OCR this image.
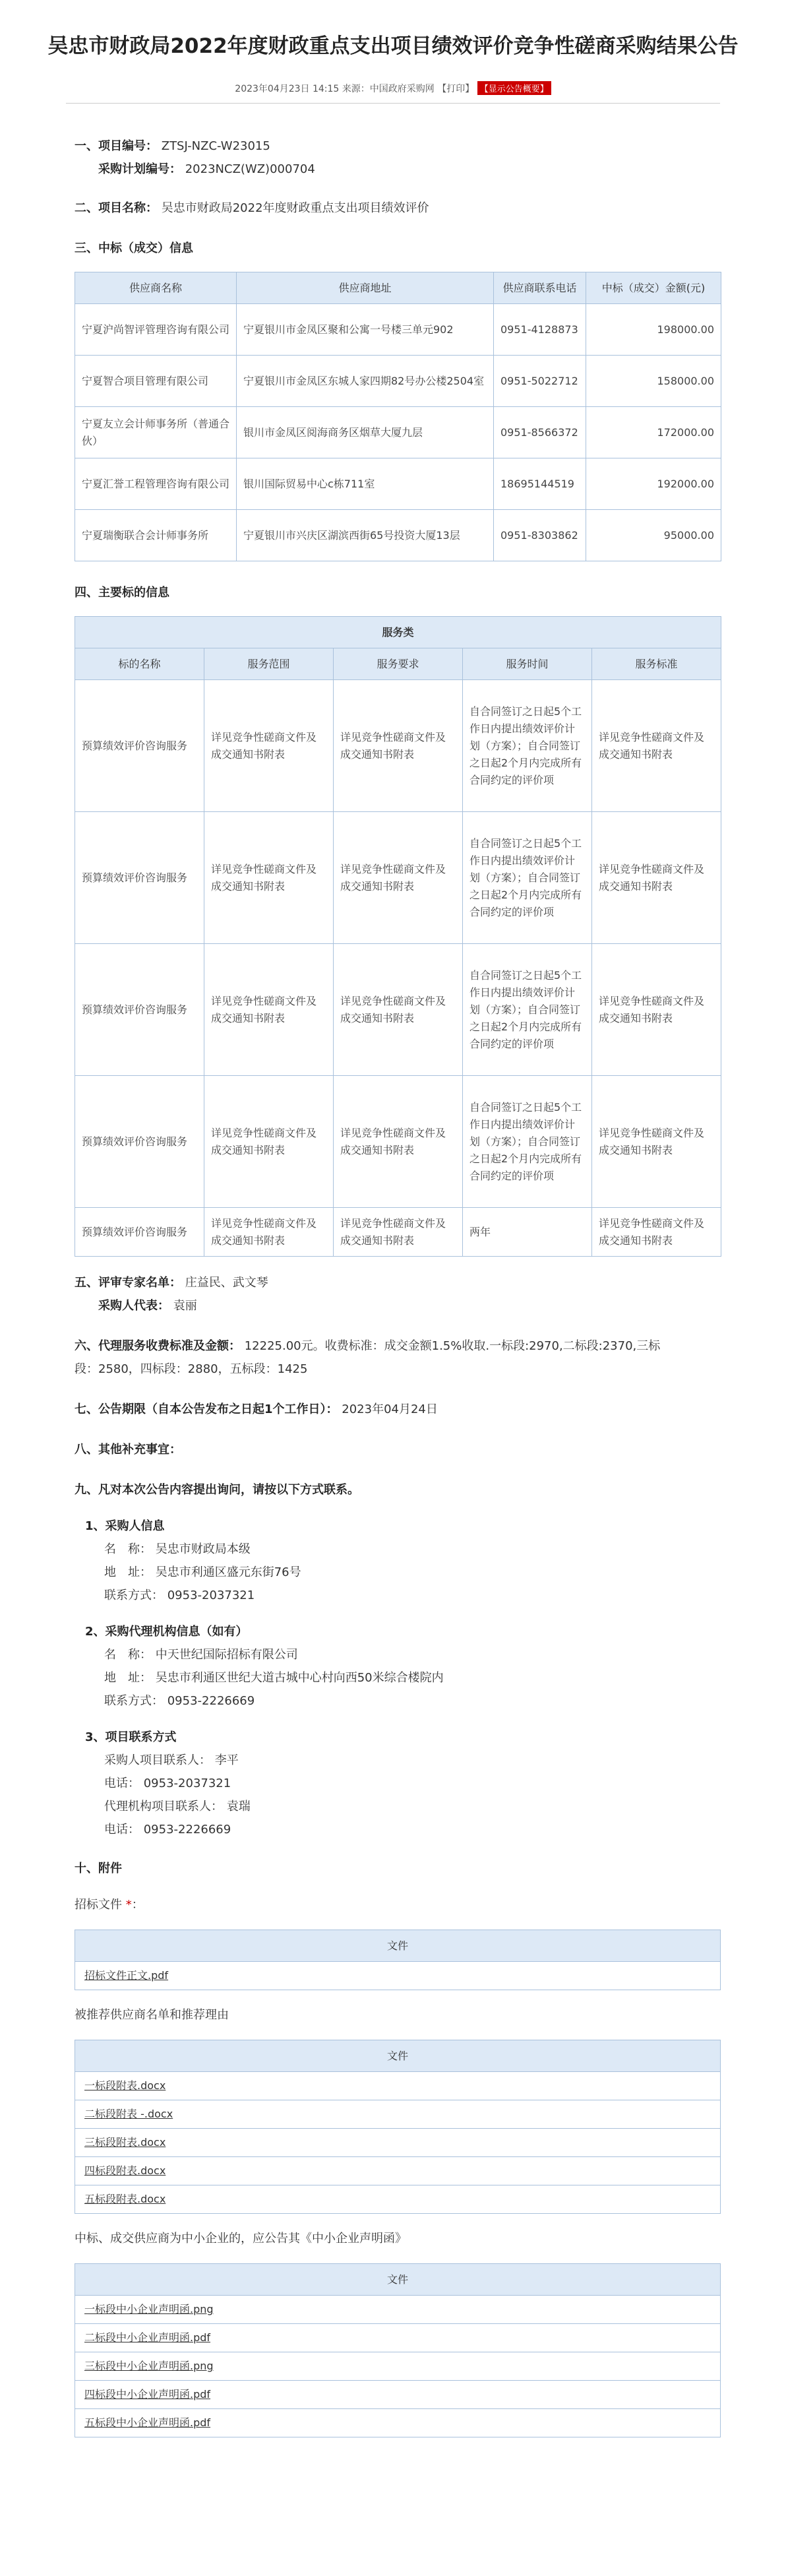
吴忠市财政局2022年度财政重点支出项目绩效评价竞争性磋商采购结果公告
2023年04月23日 14:15 来源：中国政府采购网 【打印】 【显示公告概要】
一、项目编号： ZTSJ-NZC-W23015
采购计划编号： 2023NCZ(WZ)000704
二、项目名称： 吴忠市财政局2022年度财政重点支出项目绩效评价
三、中标（成交）信息
供应商名称	供应商地址	供应商联系电话	中标（成交）金额(元)
宁夏沪尚智评管理咨询有限公司	宁夏银川市金凤区聚和公寓一号楼三单元902	0951-4128873	198000.00
宁夏智合项目管理有限公司	宁夏银川市金凤区东城人家四期82号办公楼2504室	0951-5022712	158000.00
宁夏友立会计师事务所（普通合伙）	银川市金凤区阅海商务区烟草大厦九层	0951-8566372	172000.00
宁夏汇誉工程管理咨询有限公司	银川国际贸易中心c栋711室	18695144519	192000.00
宁夏瑞衡联合会计师事务所	宁夏银川市兴庆区湖滨西街65号投资大厦13层	0951-8303862	95000.00
四、主要标的信息
服务类				
标的名称	服务范围	服务要求	服务时间	服务标准
预算绩效评价咨询服务	详见竞争性磋商文件及成交通知书附表	详见竞争性磋商文件及成交通知书附表	自合同签订之日起5个工作日内提出绩效评价计划（方案）；自合同签订之日起2个月内完成所有合同约定的评价项	详见竞争性磋商文件及成交通知书附表
预算绩效评价咨询服务	详见竞争性磋商文件及成交通知书附表	详见竞争性磋商文件及成交通知书附表	自合同签订之日起5个工作日内提出绩效评价计划（方案）；自合同签订之日起2个月内完成所有合同约定的评价项	详见竞争性磋商文件及成交通知书附表
预算绩效评价咨询服务	详见竞争性磋商文件及成交通知书附表	详见竞争性磋商文件及成交通知书附表	自合同签订之日起5个工作日内提出绩效评价计划（方案）；自合同签订之日起2个月内完成所有合同约定的评价项	详见竞争性磋商文件及成交通知书附表
预算绩效评价咨询服务	详见竞争性磋商文件及成交通知书附表	详见竞争性磋商文件及成交通知书附表	自合同签订之日起5个工作日内提出绩效评价计划（方案）；自合同签订之日起2个月内完成所有合同约定的评价项	详见竞争性磋商文件及成交通知书附表
预算绩效评价咨询服务	详见竞争性磋商文件及成交通知书附表	详见竞争性磋商文件及成交通知书附表	两年	详见竞争性磋商文件及成交通知书附表
五、评审专家名单： 庄益民、武文琴
采购人代表： 袁丽
六、代理服务收费标准及金额： 12225.00元。收费标准：成交金额1.5%收取.一标段:2970,二标段:2370,三标
段：2580，四标段：2880，五标段：1425
七、公告期限（自本公告发布之日起1个工作日）： 2023年04月24日
八、其他补充事宜：
九、凡对本次公告内容提出询问，请按以下方式联系。
1、采购人信息
名　称： 吴忠市财政局本级
地　址： 吴忠市利通区盛元东街76号
联系方式： 0953-2037321
2、采购代理机构信息（如有）
名　称： 中天世纪国际招标有限公司
地　址： 吴忠市利通区世纪大道古城中心村向西50米综合楼院内
联系方式： 0953-2226669
3、项目联系方式
采购人项目联系人： 李平
电话： 0953-2037321
代理机构项目联系人： 袁瑞
电话： 0953-2226669
十、附件
招标文件 *：
文件
招标文件正文.pdf
被推荐供应商名单和推荐理由
文件
一标段附表.docx
二标段附表 -.docx
三标段附表.docx
四标段附表.docx
五标段附表.docx
中标、成交供应商为中小企业的，应公告其《中小企业声明函》
文件
一标段中小企业声明函.png
二标段中小企业声明函.pdf
三标段中小企业声明函.png
四标段中小企业声明函.pdf
五标段中小企业声明函.pdf
